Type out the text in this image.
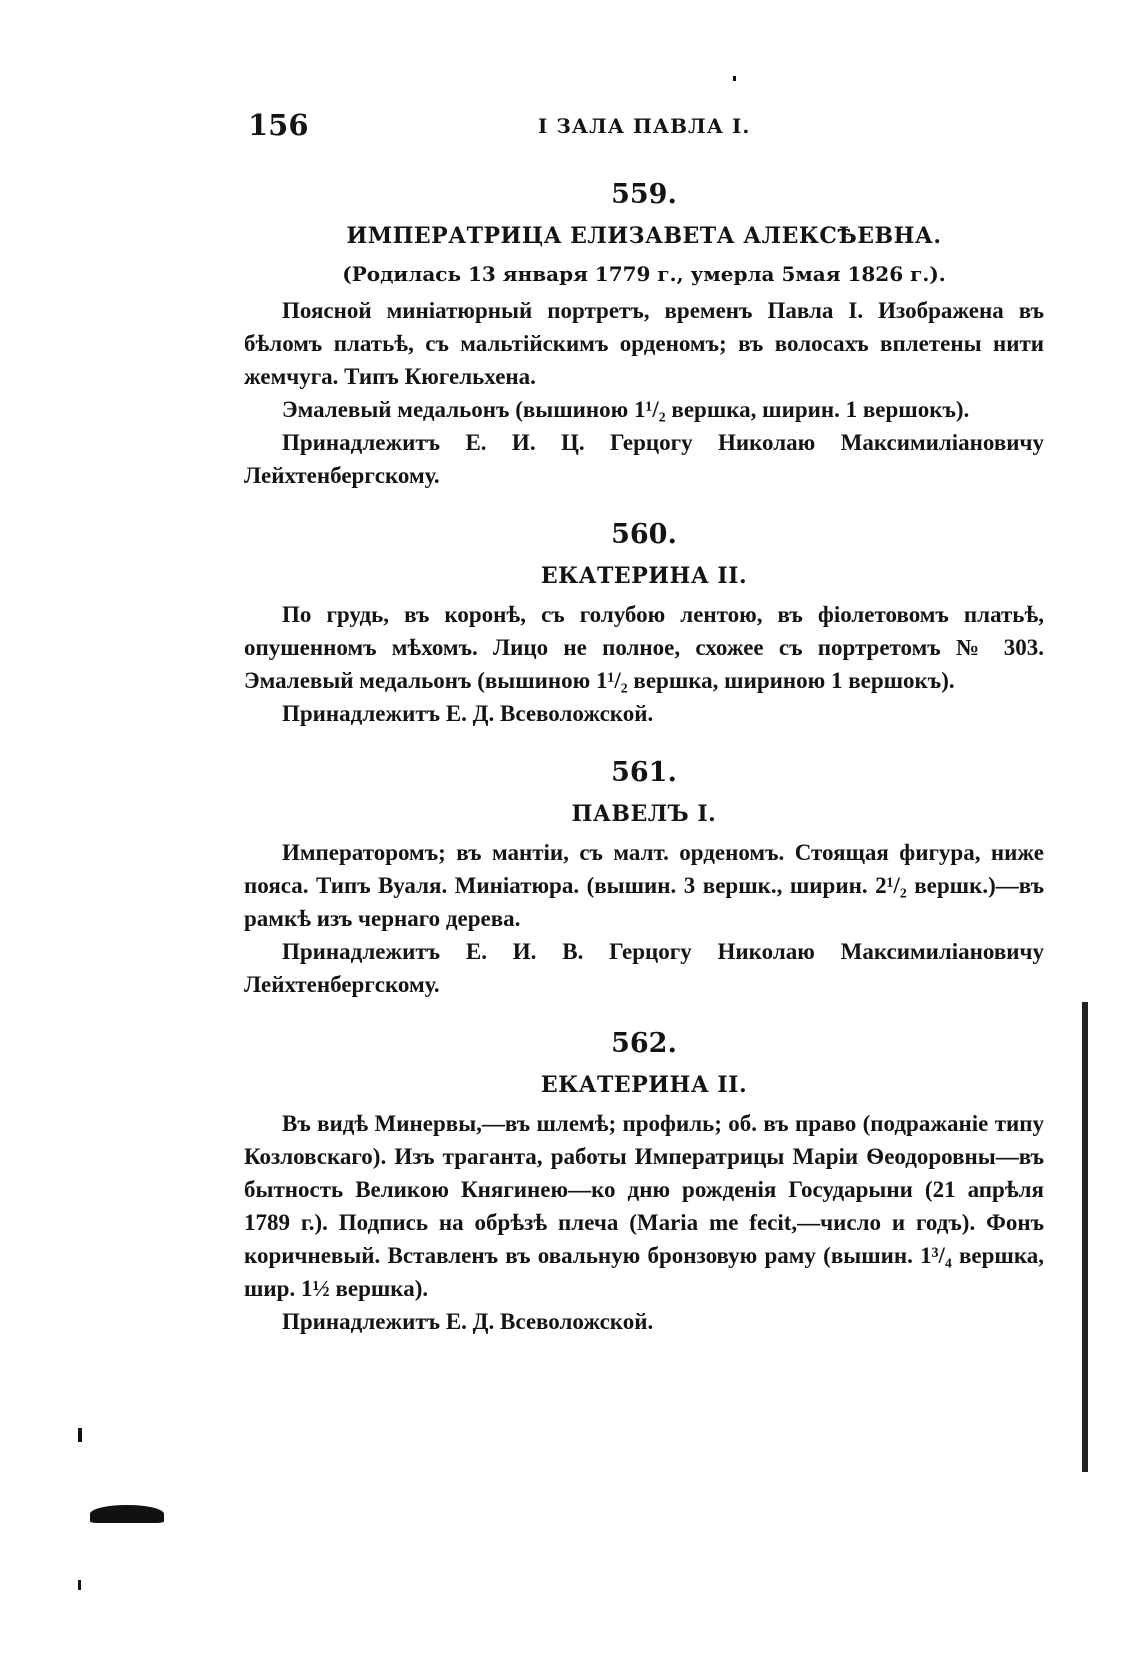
156	I ЗАЛА ПАВЛА I.
559.
ИМПЕРАТРИЦА ЕЛИЗАВЕТА АЛЕКСѢЕВНА.
(Родилась 13 января 1779 г., умерла 5мая 1826 г.).

Поясной миніатюрный портретъ, временъ Павла I. Изображена въ бѣломъ платьѣ, съ мальтійскимъ орденомъ; въ волосахъ вплетены нити жемчуга. Типъ Кюгельхена.

Эмалевый медальонъ (вышиною 1¹/₂ вершка, ширин. 1 вершокъ).

Принадлежитъ Е. И. Ц. Герцогу Николаю Максимиліановичу Лейхтенбергскому.

560.
ЕКАТЕРИНА II.

По грудь, въ коронѣ, съ голубою лентою, въ фіолетовомъ платьѣ, опушенномъ мѣхомъ. Лицо не полное, схожее съ портретомъ № 303. Эмалевый медальонъ (вышиною 1¹/₂ вершка, шириною 1 вершокъ).

Принадлежитъ Е. Д. Всеволожской.

561.
ПАВЕЛЪ I.

Императоромъ; въ мантіи, съ малт. орденомъ. Стоящая фигура, ниже пояса. Типъ Вуаля. Миніатюра. (вышин. 3 вершк., ширин. 2¹/₂ вершк.)—въ рамкѣ изъ чернаго дерева.

Принадлежитъ Е. И. В. Герцогу Николаю Максимиліановичу Лейхтенбергскому.

562.
ЕКАТЕРИНА II.

Въ видѣ Минервы,—въ шлемѣ; профиль; об. въ право (подражаніе типу Козловскаго). Изъ траганта, работы Императрицы Маріи Ѳеодоровны—въ бытность Великою Княгинею—ко дню рожденія Государыни (21 апрѣля 1789 г.). Подпись на обрѣзѣ плеча (Maria me fecit,—число и годъ). Фонъ коричневый. Вставленъ въ овальную бронзовую раму (вышин. 1³/₄ вершка, шир. 1½ вершка).

Принадлежитъ Е. Д. Всеволожской.
